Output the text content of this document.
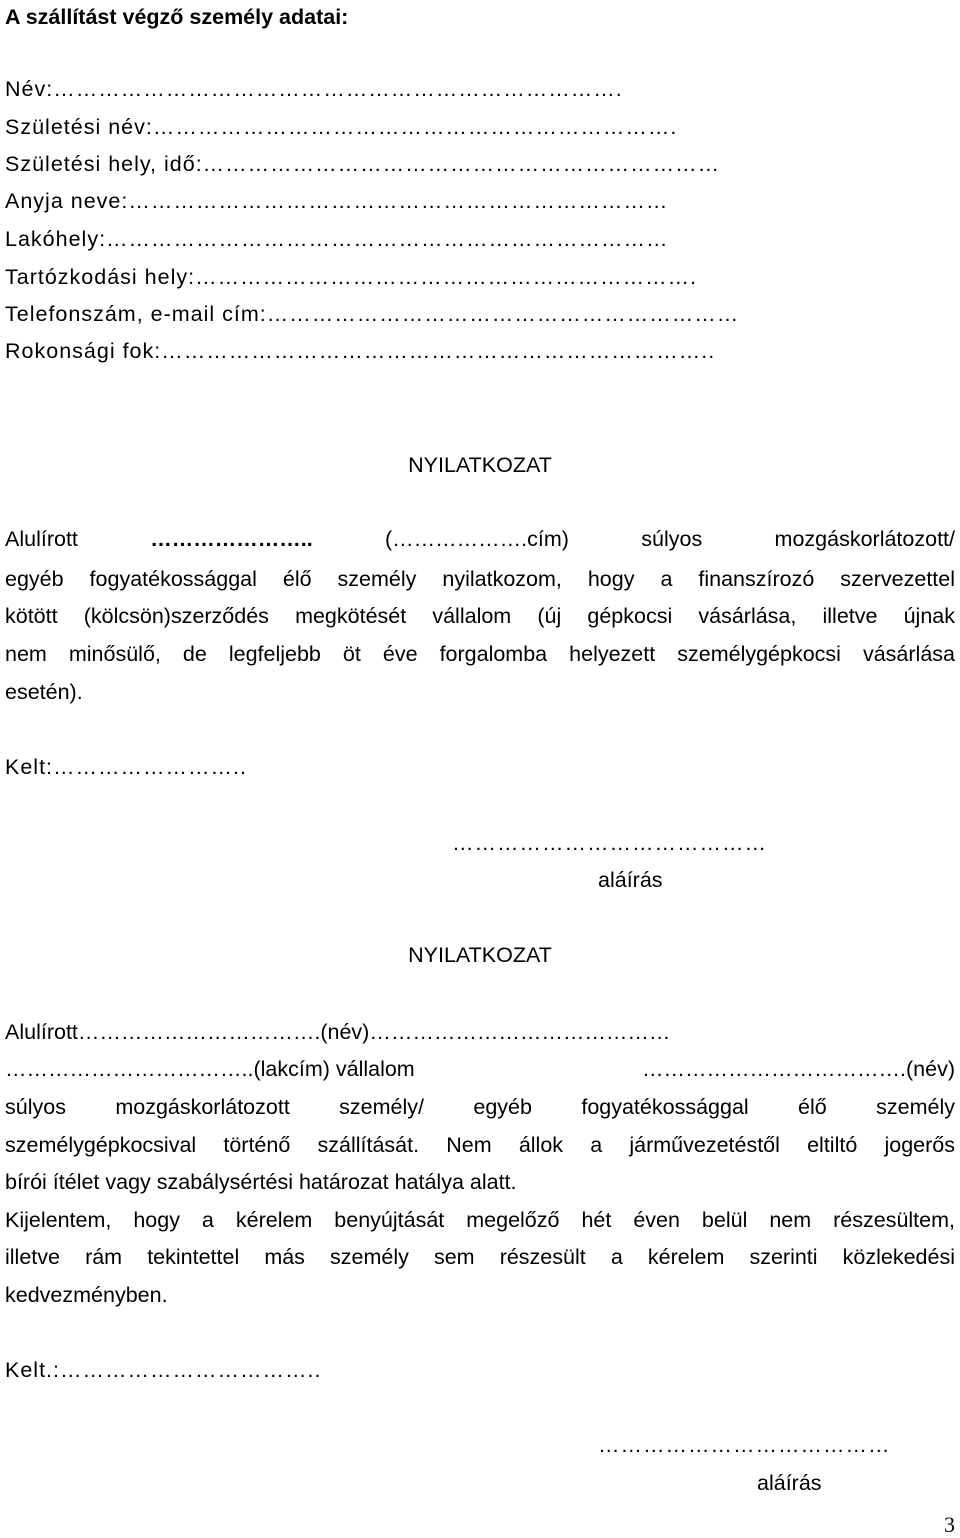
A szállítást végző személy adatai:
Név:………………………………………………………………….
Születési név:…………………………………………………………….
Születési hely, idő:……………………………………………………………
Anyja neve:………………………………………………………………
Lakóhely:…………………………………………………………………
Tartózkodási hely:………………………………………………………….
Telefonszám, e-mail cím:………………………………………………………
Rokonsági fok:………………………………………………………………..
NYILATKOZAT
Alulírott ………………….. (……………….cím) súlyos mozgáskorlátozott/
egyéb fogyatékossággal élő személy nyilatkozom, hogy a finanszírozó szervezettel
kötött (kölcsön)szerződés megkötését vállalom (új gépkocsi vásárlása, illetve újnak
nem minősülő, de legfeljebb öt éve forgalomba helyezett személygépkocsi vásárlása
esetén).
Kelt:……………………..
……………………………………
aláírás
NYILATKOZAT
Alulírott…………………………….(név)……………………………………
……………………………..(lakcím) vállalom	……………………………….(név)
súlyos mozgáskorlátozott személy/ egyéb fogyatékossággal élő személy
személygépkocsival történő szállítását. Nem állok a járművezetéstől eltiltó jogerős
bírói ítélet vagy szabálysértési határozat hatálya alatt.
Kijelentem, hogy a kérelem benyújtását megelőző hét éven belül nem részesültem,
illetve rám tekintettel más személy sem részesült a kérelem szerinti közlekedési
kedvezményben.
Kelt.:……………………………..
…………………………………
aláírás
3
